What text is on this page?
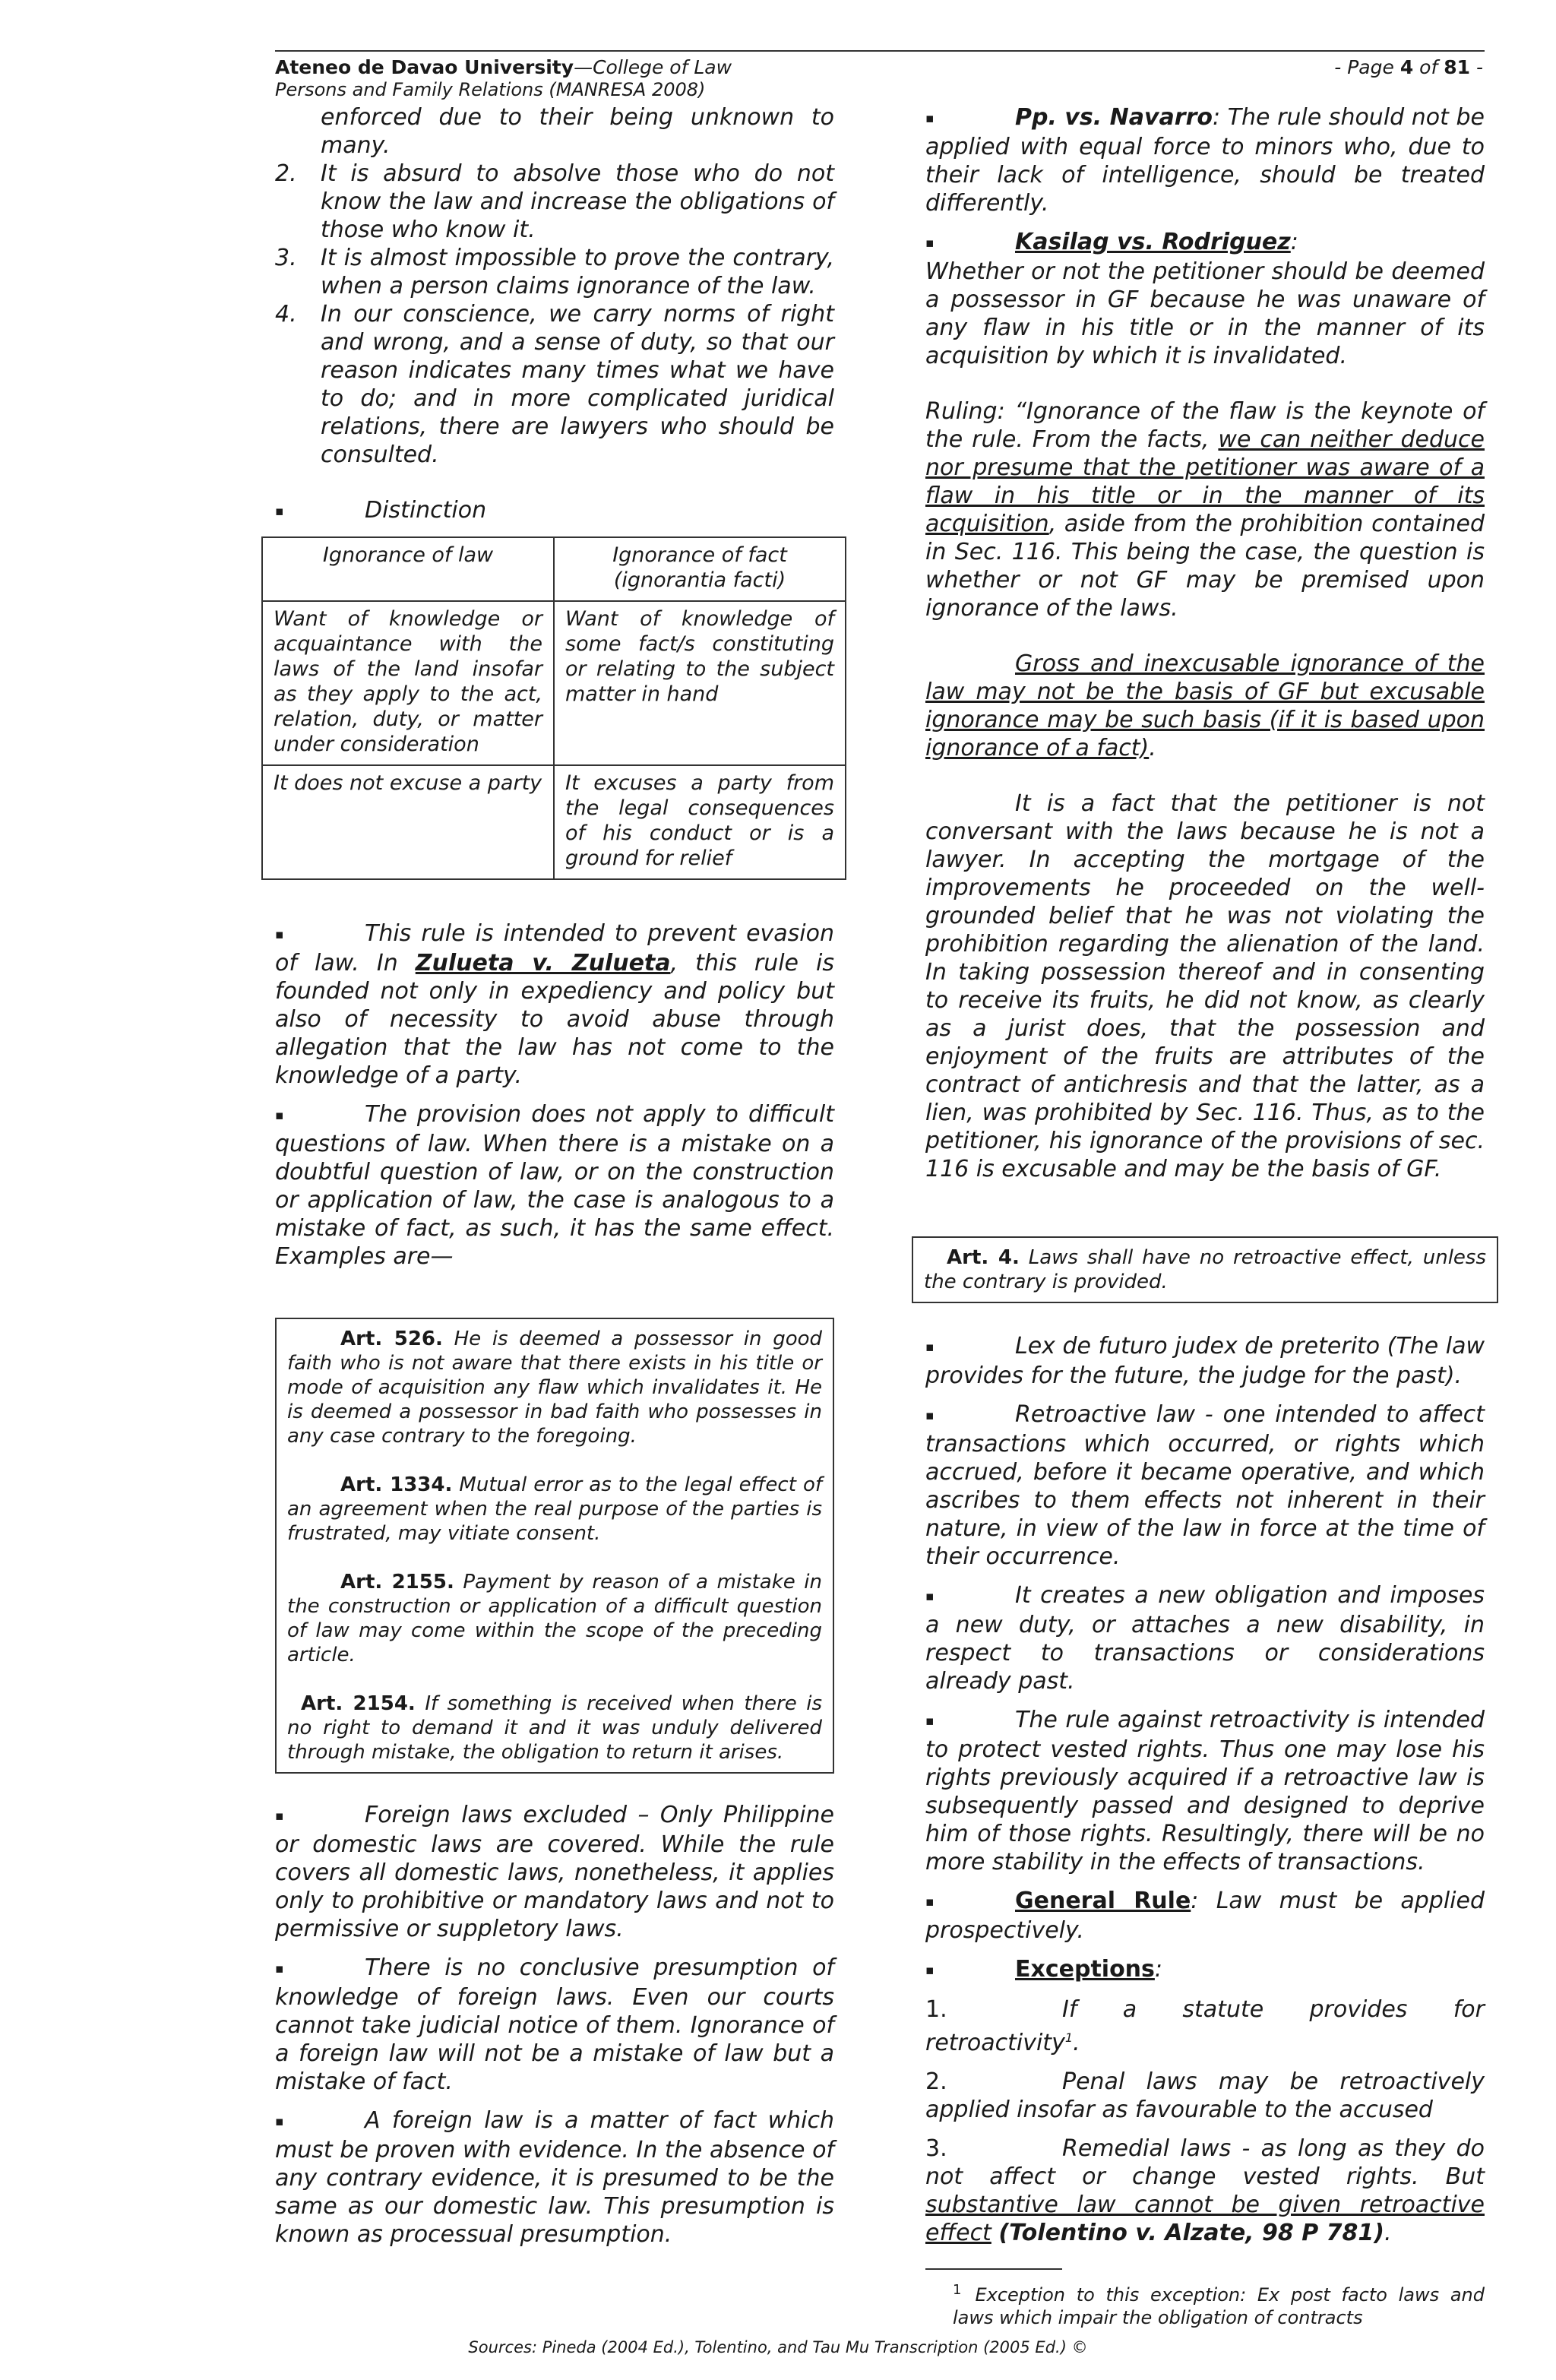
Ateneo de Davao University—College of Law
Persons and Family Relations (MANRESA 2008)
- Page 4 of 81 -
enforced due to their being unknown to many.
2. It is absurd to absolve those who do not know the law and increase the obligations of those who know it.
3. It is almost impossible to prove the contrary, when a person claims ignorance of the law.
4. In our conscience, we carry norms of right and wrong, and a sense of duty, so that our reason indicates many times what we have to do; and in more complicated juridical relations, there are lawyers who should be consulted.
▪	Distinction
Ignorance of law	Ignorance of fact (ignorantia facti)
Want of knowledge or acquaintance with the laws of the land insofar as they apply to the act, relation, duty, or matter under consideration	Want of knowledge of some fact/s constituting or relating to the subject matter in hand
It does not excuse a party	It excuses a party from the legal consequences of his conduct or is a ground for relief

▪	This rule is intended to prevent evasion of law. In Zulueta v. Zulueta, this rule is founded not only in expediency and policy but also of necessity to avoid abuse through allegation that the law has not come to the knowledge of a party.

▪	The provision does not apply to difficult questions of law. When there is a mistake on a doubtful question of law, or on the construction or application of law, the case is analogous to a mistake of fact, as such, it has the same effect. Examples are—

Art. 526. He is deemed a possessor in good faith who is not aware that there exists in his title or mode of acquisition any flaw which invalidates it. He is deemed a possessor in bad faith who possesses in any case contrary to the foregoing.

Art. 1334. Mutual error as to the legal effect of an agreement when the real purpose of the parties is frustrated, may vitiate consent.

Art. 2155. Payment by reason of a mistake in the construction or application of a difficult question of law may come within the scope of the preceding article.

Art. 2154. If something is received when there is no right to demand it and it was unduly delivered through mistake, the obligation to return it arises.

▪	Foreign laws excluded – Only Philippine or domestic laws are covered. While the rule covers all domestic laws, nonetheless, it applies only to prohibitive or mandatory laws and not to permissive or suppletory laws.

▪	There is no conclusive presumption of knowledge of foreign laws. Even our courts cannot take judicial notice of them. Ignorance of a foreign law will not be a mistake of law but a mistake of fact.

▪	A foreign law is a matter of fact which must be proven with evidence. In the absence of any contrary evidence, it is presumed to be the same as our domestic law. This presumption is known as processual presumption.

▪	Pp. vs. Navarro: The rule should not be applied with equal force to minors who, due to their lack of intelligence, should be treated differently.

▪	Kasilag vs. Rodriguez:

Whether or not the petitioner should be deemed a possessor in GF because he was unaware of any flaw in his title or in the manner of its acquisition by which it is invalidated.

Ruling: “Ignorance of the flaw is the keynote of the rule. From the facts, we can neither deduce nor presume that the petitioner was aware of a flaw in his title or in the manner of its acquisition, aside from the prohibition contained in Sec. 116. This being the case, the question is whether or not GF may be premised upon ignorance of the laws.

Gross and inexcusable ignorance of the law may not be the basis of GF but excusable ignorance may be such basis (if it is based upon ignorance of a fact).

It is a fact that the petitioner is not conversant with the laws because he is not a lawyer. In accepting the mortgage of the improvements he proceeded on the well-grounded belief that he was not violating the prohibition regarding the alienation of the land. In taking possession thereof and in consenting to receive its fruits, he did not know, as clearly as a jurist does, that the possession and enjoyment of the fruits are attributes of the contract of antichresis and that the latter, as a lien, was prohibited by Sec. 116. Thus, as to the petitioner, his ignorance of the provisions of sec. 116 is excusable and may be the basis of GF.

Art. 4. Laws shall have no retroactive effect, unless the contrary is provided.

▪	Lex de futuro judex de preterito (The law provides for the future, the judge for the past).

▪	Retroactive law - one intended to affect transactions which occurred, or rights which accrued, before it became operative, and which ascribes to them effects not inherent in their nature, in view of the law in force at the time of their occurrence.

▪	It creates a new obligation and imposes a new duty, or attaches a new disability, in respect to transactions or considerations already past.

▪	The rule against retroactivity is intended to protect vested rights. Thus one may lose his rights previously acquired if a retroactive law is subsequently passed and designed to deprive him of those rights. Resultingly, there will be no more stability in the effects of transactions.

▪	General Rule: Law must be applied prospectively.

▪	Exceptions:

1.	If a statute provides for retroactivity$^1$.

2.	Penal laws may be retroactively applied insofar as favourable to the accused

3.	Remedial laws - as long as they do not affect or change vested rights. But substantive law cannot be given retroactive effect (Tolentino v. Alzate, 98 P 781).

$^1$ Exception to this exception: Ex post facto laws and laws which impair the obligation of contracts
Sources: Pineda (2004 Ed.), Tolentino, and Tau Mu Transcription (2005 Ed.) ©
